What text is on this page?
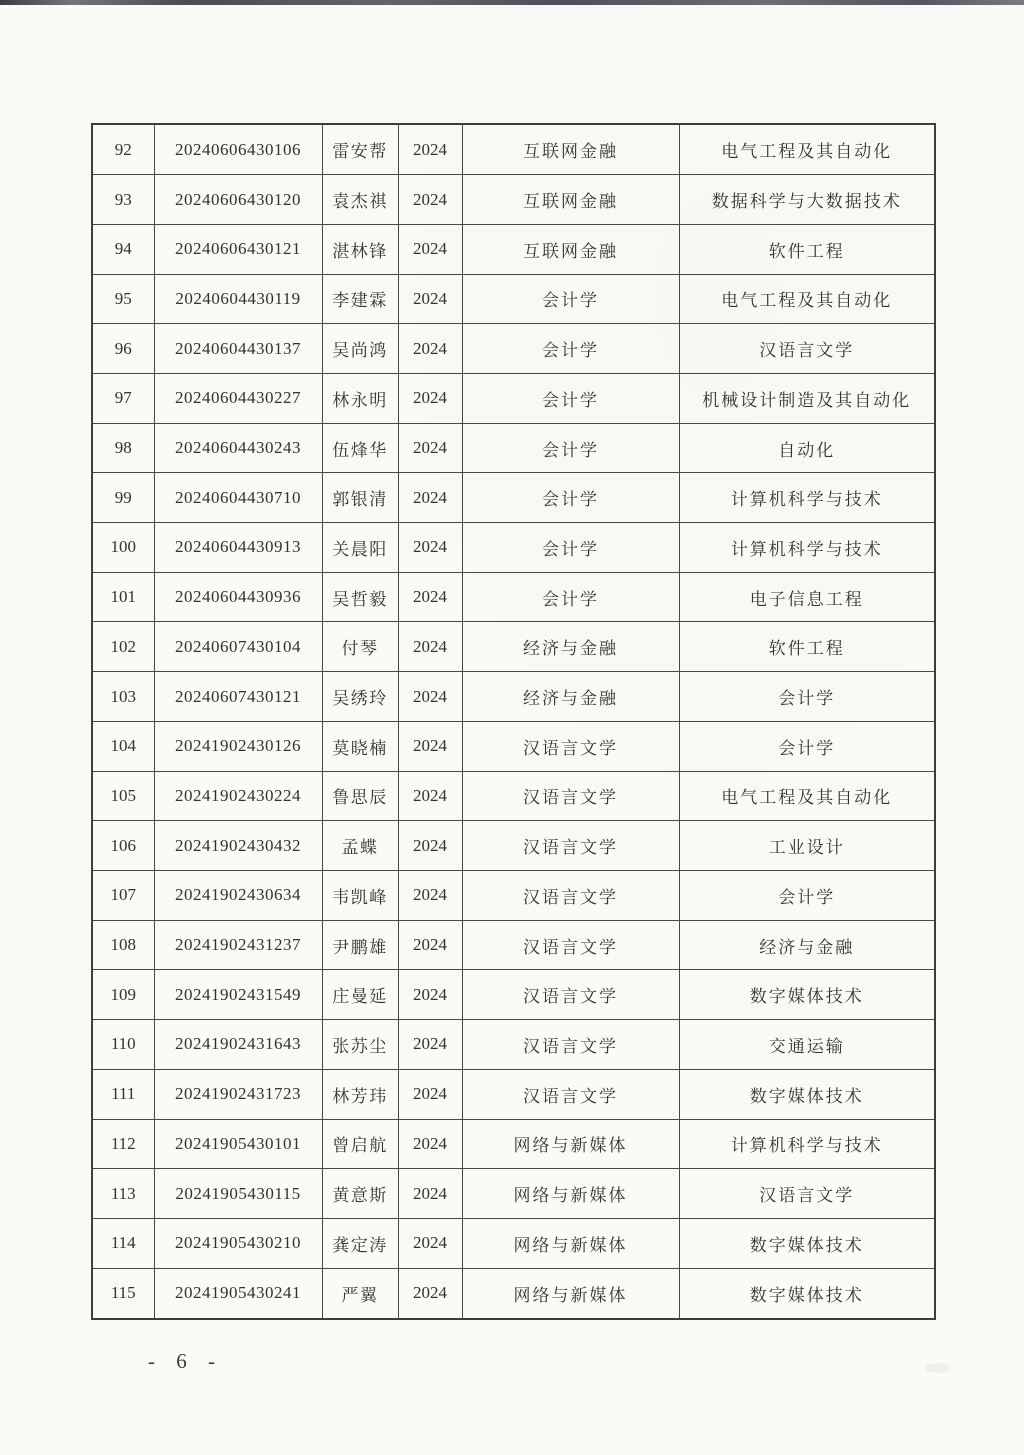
92	20240606430106	雷安帮	2024	互联网金融	电气工程及其自动化
93	20240606430120	袁杰祺	2024	互联网金融	数据科学与大数据技术
94	20240606430121	湛林锋	2024	互联网金融	软件工程
95	20240604430119	李建霖	2024	会计学	电气工程及其自动化
96	20240604430137	吴尚鸿	2024	会计学	汉语言文学
97	20240604430227	林永明	2024	会计学	机械设计制造及其自动化
98	20240604430243	伍烽华	2024	会计学	自动化
99	20240604430710	郭银清	2024	会计学	计算机科学与技术
100	20240604430913	关晨阳	2024	会计学	计算机科学与技术
101	20240604430936	吴哲毅	2024	会计学	电子信息工程
102	20240607430104	付琴	2024	经济与金融	软件工程
103	20240607430121	吴绣玲	2024	经济与金融	会计学
104	20241902430126	莫晓楠	2024	汉语言文学	会计学
105	20241902430224	鲁思辰	2024	汉语言文学	电气工程及其自动化
106	20241902430432	孟蝶	2024	汉语言文学	工业设计
107	20241902430634	韦凯峰	2024	汉语言文学	会计学
108	20241902431237	尹鹏雄	2024	汉语言文学	经济与金融
109	20241902431549	庄曼延	2024	汉语言文学	数字媒体技术
110	20241902431643	张苏尘	2024	汉语言文学	交通运输
111	20241902431723	林芳玮	2024	汉语言文学	数字媒体技术
112	20241905430101	曾启航	2024	网络与新媒体	计算机科学与技术
113	20241905430115	黄意斯	2024	网络与新媒体	汉语言文学
114	20241905430210	龚定涛	2024	网络与新媒体	数字媒体技术
115	20241905430241	严翼	2024	网络与新媒体	数字媒体技术
- 6 -
